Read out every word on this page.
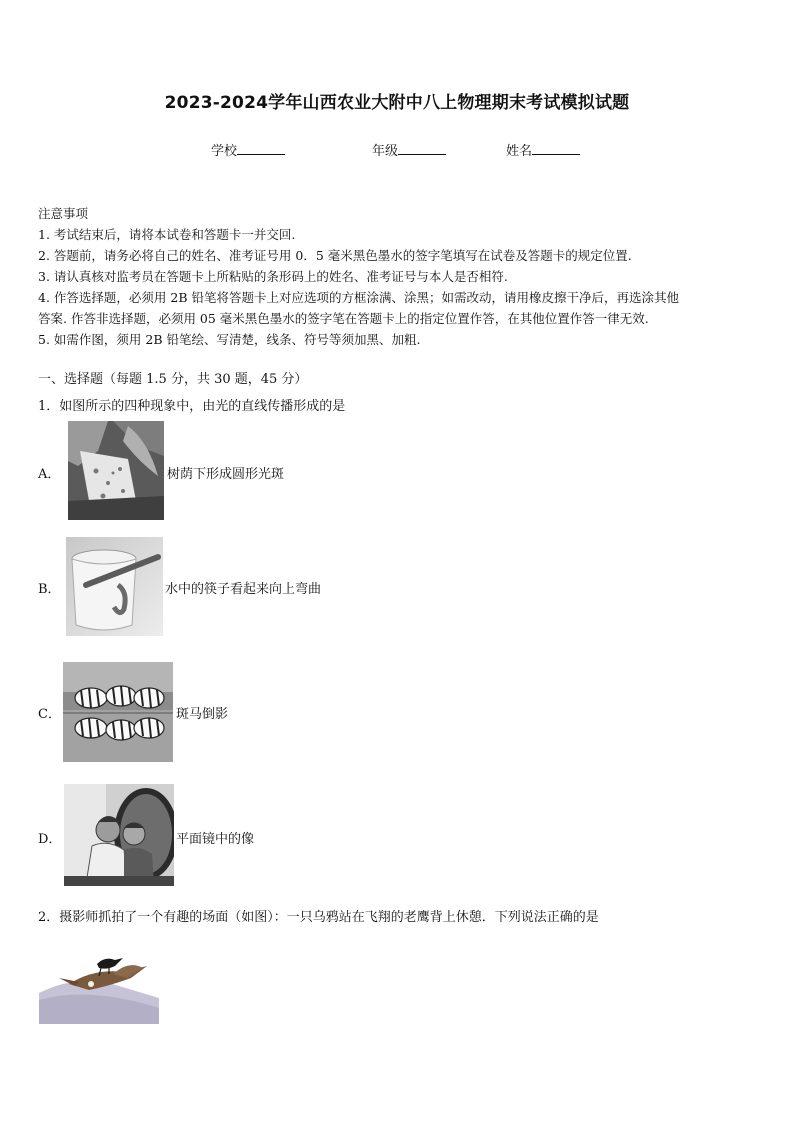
2023-2024学年山西农业大附中八上物理期末考试模拟试题
学校	年级	姓名
注意事项
1. 考试结束后，请将本试卷和答题卡一并交回.
2. 答题前，请务必将自己的姓名、准考证号用 0．5 毫米黑色墨水的签字笔填写在试卷及答题卡的规定位置.
3. 请认真核对监考员在答题卡上所粘贴的条形码上的姓名、准考证号与本人是否相符.
4. 作答选择题，必须用 2B 铅笔将答题卡上对应选项的方框涂满、涂黑；如需改动，请用橡皮擦干净后，再选涂其他
答案. 作答非选择题，必须用 05 毫米黑色墨水的签字笔在答题卡上的指定位置作答，在其他位置作答一律无效.
5. 如需作图，须用 2B 铅笔绘、写清楚，线条、符号等须加黑、加粗.
一、选择题（每题 1.5 分，共 30 题，45 分）
1．如图所示的四种现象中，由光的直线传播形成的是
A．	树荫下形成圆形光斑
B．	水中的筷子看起来向上弯曲
C．	斑马倒影
D．	平面镜中的像
2．摄影师抓拍了一个有趣的场面（如图）：一只乌鸦站在飞翔的老鹰背上休憩．下列说法正确的是
